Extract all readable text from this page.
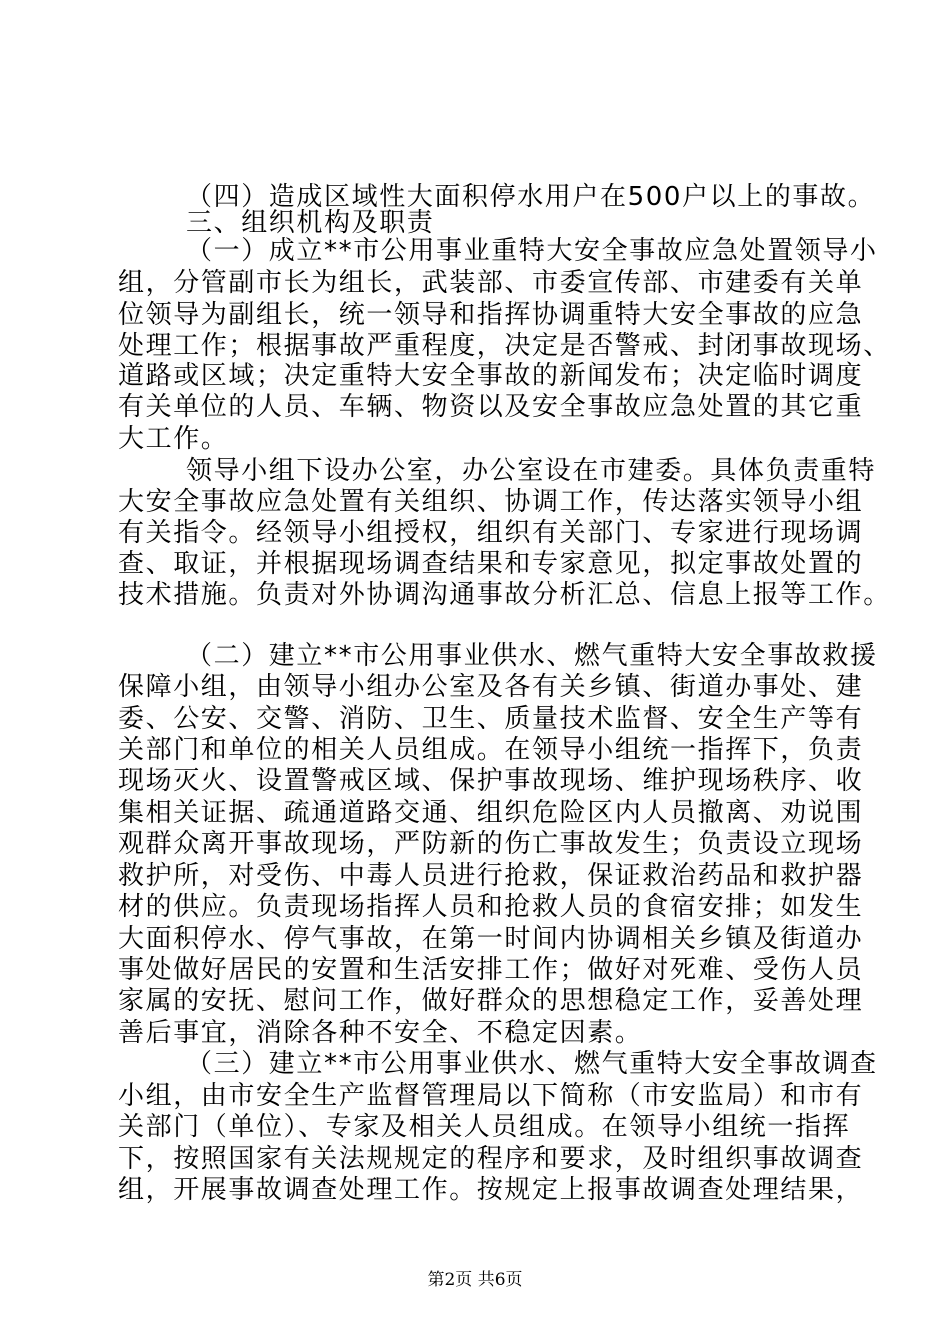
（四）造成区域性大面积停水用户在500户以上的事故。
三、组织机构及职责
（一）成立**市公用事业重特大安全事故应急处置领导小
组，分管副市长为组长，武装部、市委宣传部、市建委有关单
位领导为副组长，统一领导和指挥协调重特大安全事故的应急
处理工作；根据事故严重程度，决定是否警戒、封闭事故现场、
道路或区域；决定重特大安全事故的新闻发布；决定临时调度
有关单位的人员、车辆、物资以及安全事故应急处置的其它重
大工作。
领导小组下设办公室，办公室设在市建委。具体负责重特
大安全事故应急处置有关组织、协调工作，传达落实领导小组
有关指令。经领导小组授权，组织有关部门、专家进行现场调
查、取证，并根据现场调查结果和专家意见，拟定事故处置的
技术措施。负责对外协调沟通事故分析汇总、信息上报等工作。
（二）建立**市公用事业供水、燃气重特大安全事故救援
保障小组，由领导小组办公室及各有关乡镇、街道办事处、建
委、公安、交警、消防、卫生、质量技术监督、安全生产等有
关部门和单位的相关人员组成。在领导小组统一指挥下，负责
现场灭火、设置警戒区域、保护事故现场、维护现场秩序、收
集相关证据、疏通道路交通、组织危险区内人员撤离、劝说围
观群众离开事故现场，严防新的伤亡事故发生；负责设立现场
救护所，对受伤、中毒人员进行抢救，保证救治药品和救护器
材的供应。负责现场指挥人员和抢救人员的食宿安排；如发生
大面积停水、停气事故，在第一时间内协调相关乡镇及街道办
事处做好居民的安置和生活安排工作；做好对死难、受伤人员
家属的安抚、慰问工作，做好群众的思想稳定工作，妥善处理
善后事宜，消除各种不安全、不稳定因素。
（三）建立**市公用事业供水、燃气重特大安全事故调查
小组，由市安全生产监督管理局以下简称（市安监局）和市有
关部门（单位）、专家及相关人员组成。在领导小组统一指挥
下，按照国家有关法规规定的程序和要求，及时组织事故调查
组，开展事故调查处理工作。按规定上报事故调查处理结果，
第2页 共6页
